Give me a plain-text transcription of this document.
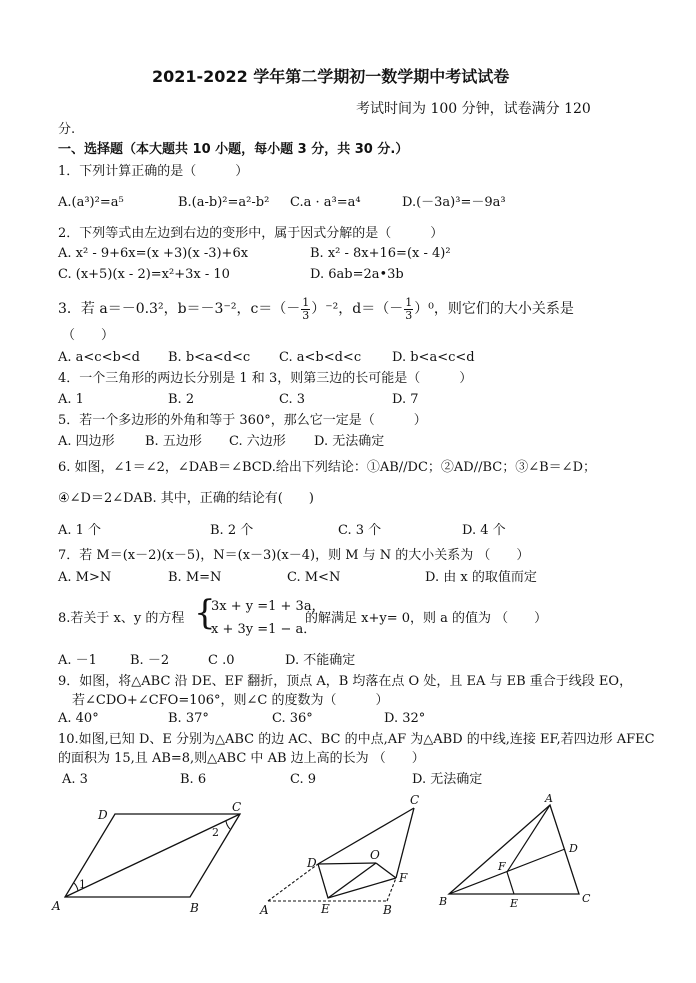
2021-2022 学年第二学期初一数学期中考试试卷
考试时间为 100 分钟，试卷满分 120
分.
一、选择题（本大题共 10 小题，每小题 3 分，共 30 分.）
1．下列计算正确的是（　　　）
A.(a³)²=a⁵	B.(a-b)²=a²-b² C.a · a³=a⁴	D.(－3a)³=－9a³
2．下列等式由左边到右边的变形中，属于因式分解的是（　　　）
A. x² - 9+6x=(x +3)(x -3)+6x	B. x² - 8x+16=(x - 4)²
C. (x+5)(x - 2)=x²+3x - 10	D. 6ab=2a•3b
3．若 a＝－0.3²，b＝－3⁻²，$c=(- \frac{1}{3} )^{-2}$，$d=(- \frac{1}{3} )^0$，则它们的大小关系是
（　　）
A. a<c<b<d B. b<a<d<c C. a<b<d<c D. b<a<c<d
4．一个三角形的两边长分别是 1 和 3，则第三边的长可能是（　　　）
A. 1	B. 2	C. 3	D. 7
5．若一个多边形的外角和等于 360°，那么它一定是（　　　）
A. 四边形 B. 五边形 C. 六边形 D. 无法确定
6. 如图，∠1＝∠2，∠DAB＝∠BCD.给出下列结论：①AB//DC；②AD//BC；③∠B＝∠D；
④∠D＝2∠DAB. 其中，正确的结论有(　　)
A. 1 个	B. 2 个	C. 3 个	D. 4 个
7．若 M＝(x－2)(x－5)，N＝(x－3)(x－4)，则 M 与 N 的大小关系为 （　　）
A. M>N	B. M=N	C. M<N	D. 由 x 的取值而定
8.若关于 x、y 的方程 {
3x + y =1 + 3a，
x + 3y =1 − a．
的解满足 x+y= 0，则 a 的值为 （　　）
A. －1	B. －2	C .0	D. 不能确定
9．如图，将△ABC 沿 DE、EF 翻折，顶点 A，B 均落在点 O 处，且 EA 与 EB 重合于线段 EO，
若∠CDO+∠CFO=106°，则∠C 的度数为（　　　）
A. 40°	B. 37°	C. 36°	D. 32°
10.如图,已知 D、E 分别为△ABC 的边 AC、BC 的中点,AF 为△ABD 的中线,连接 EF,若四边形 AFEC
的面积为 15,且 AB=8,则△ABC 中 AB 边上高的长为 （　　）
A. 3	B. 6	C. 9	D. 无法确定
A	B
C
D
1
2
A	B
C
D
E
F
O
A
B	C
D
E
F
